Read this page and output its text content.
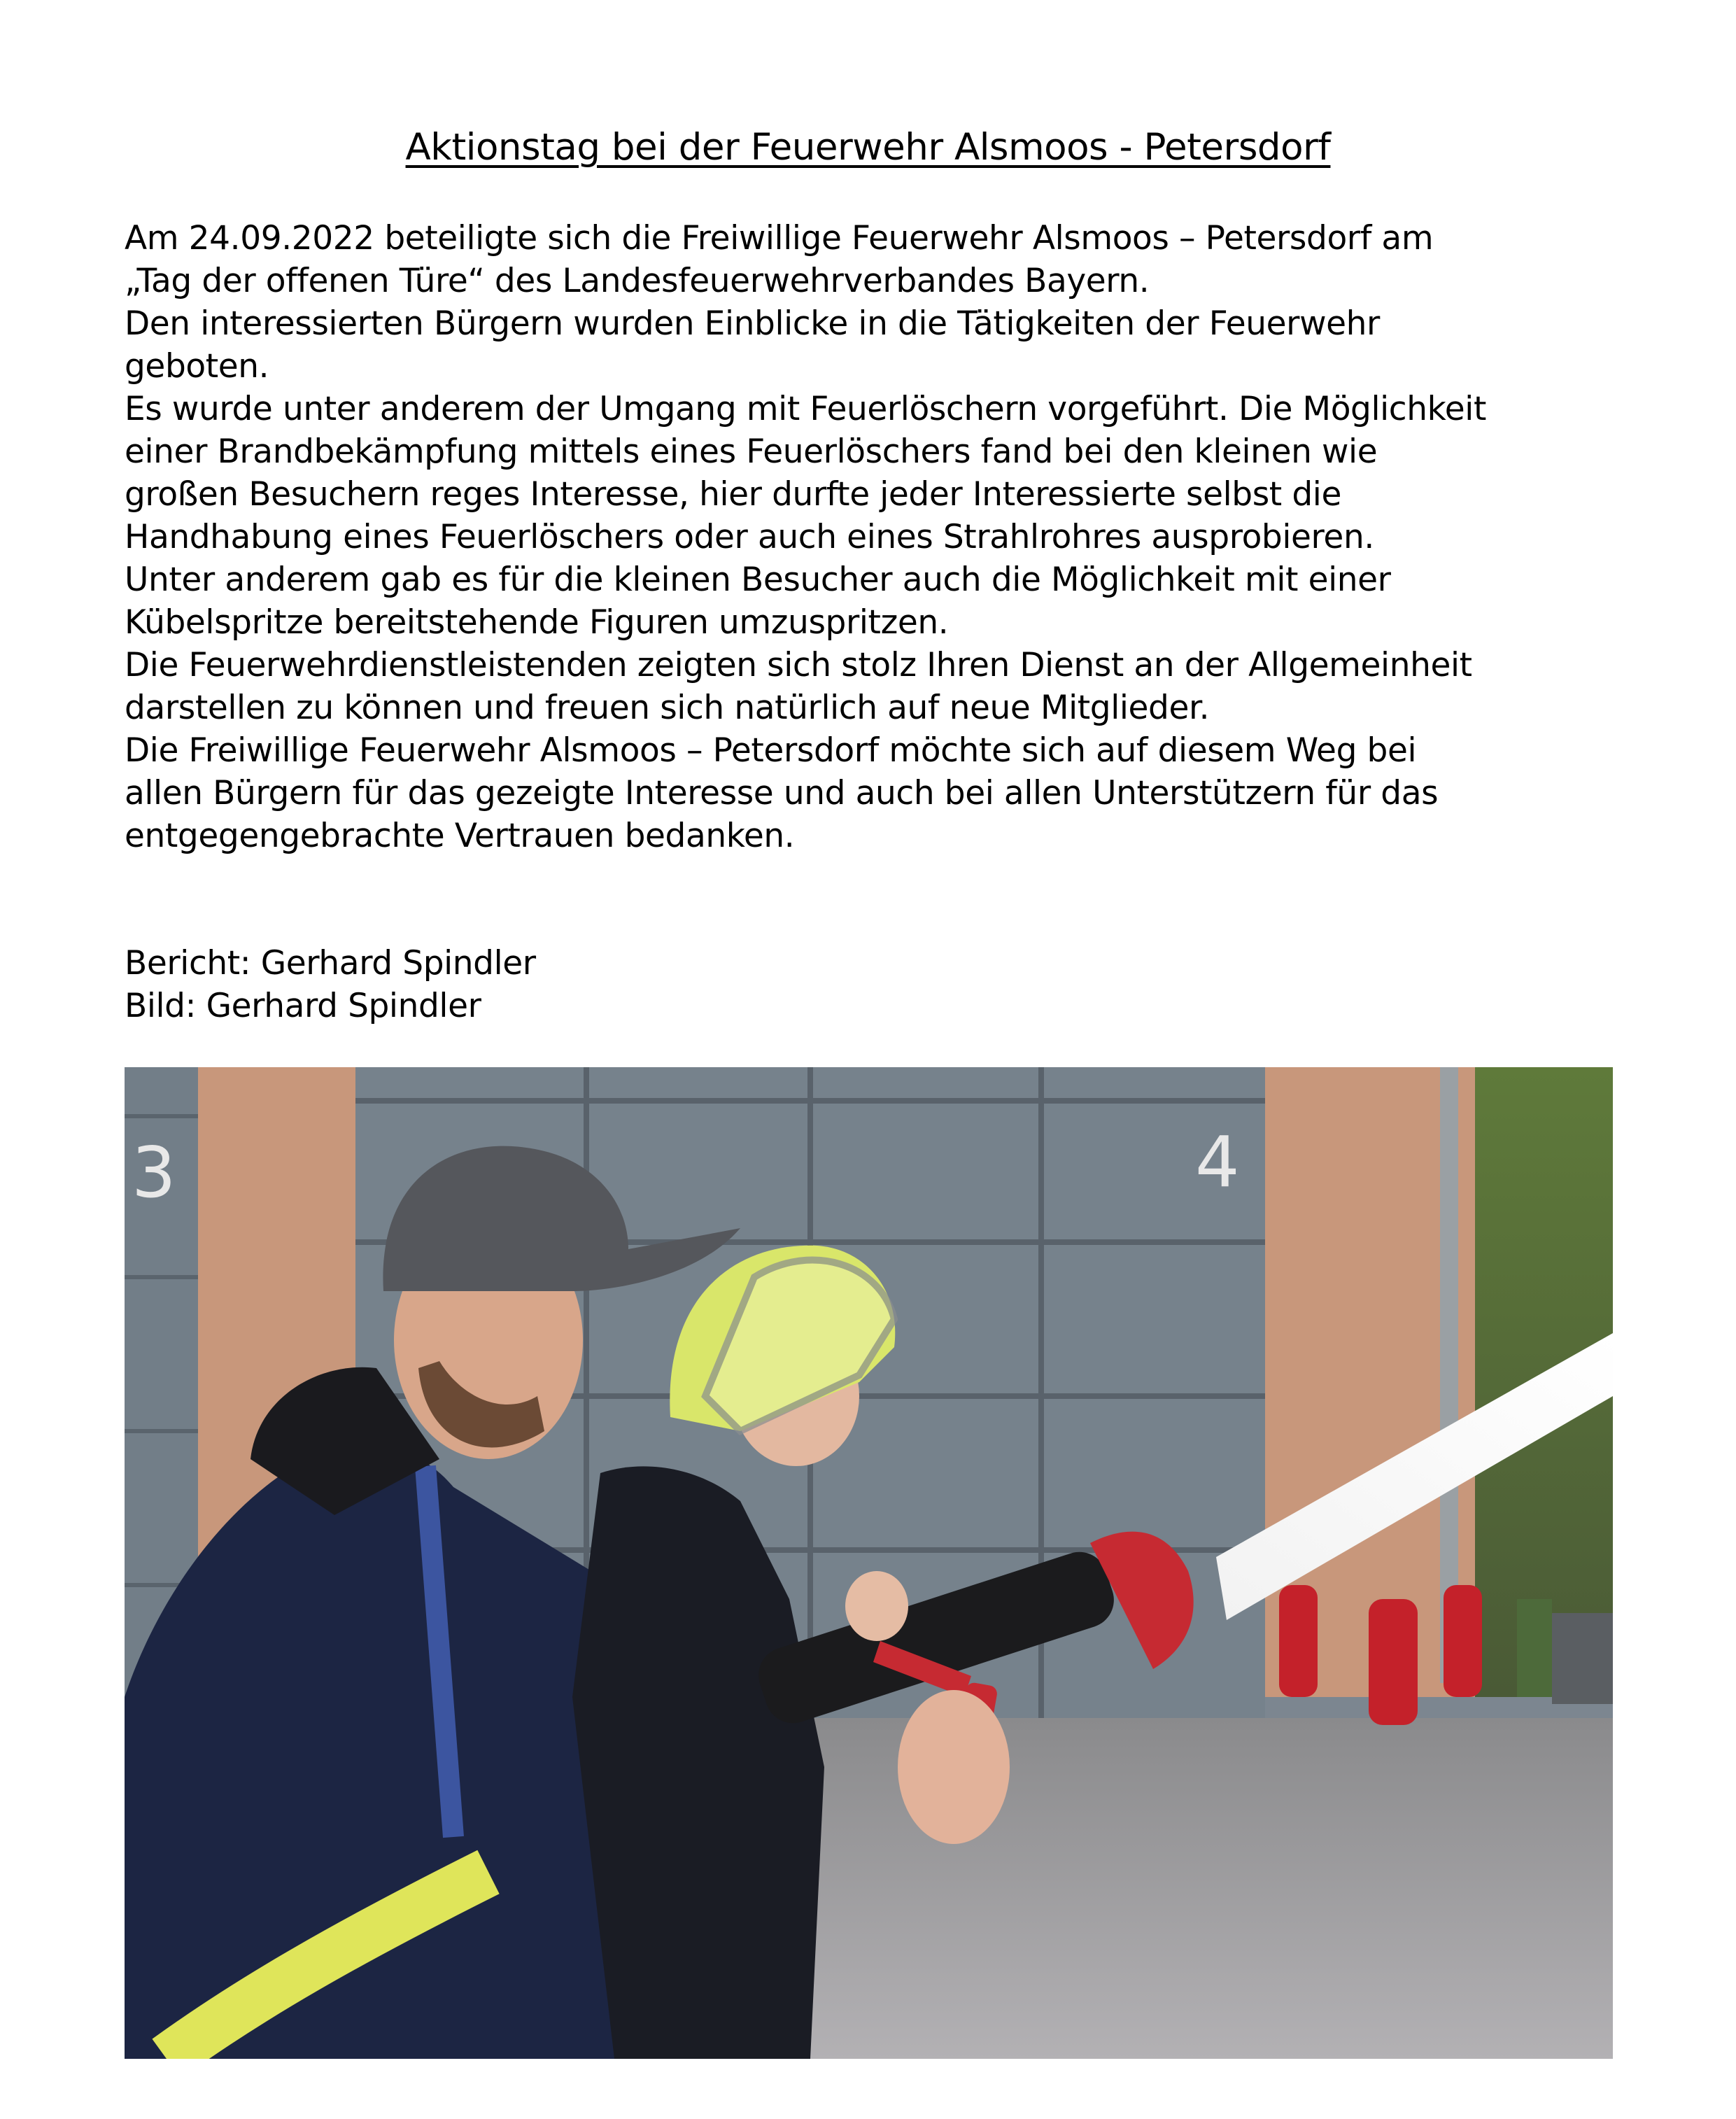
Aktionstag bei der Feuerwehr Alsmoos - Petersdorf
Am 24.09.2022 beteiligte sich die Freiwillige Feuerwehr Alsmoos – Petersdorf am
„Tag der offenen Türe“ des Landesfeuerwehrverbandes Bayern.
Den interessierten Bürgern wurden Einblicke in die Tätigkeiten der Feuerwehr
geboten.
Es wurde unter anderem der Umgang mit Feuerlöschern vorgeführt. Die Möglichkeit
einer Brandbekämpfung mittels eines Feuerlöschers fand bei den kleinen wie
großen Besuchern reges Interesse, hier durfte jeder Interessierte selbst die
Handhabung eines Feuerlöschers oder auch eines Strahlrohres ausprobieren.
Unter anderem gab es für die kleinen Besucher auch die Möglichkeit mit einer
Kübelspritze bereitstehende Figuren umzuspritzen.
Die Feuerwehrdienstleistenden zeigten sich stolz Ihren Dienst an der Allgemeinheit
darstellen zu können und freuen sich natürlich auf neue Mitglieder.
Die Freiwillige Feuerwehr Alsmoos – Petersdorf möchte sich auf diesem Weg bei
allen Bürgern für das gezeigte Interesse und auch bei allen Unterstützern für das
entgegengebrachte Vertrauen bedanken.
Bericht: Gerhard Spindler
Bild: Gerhard Spindler
3	4
